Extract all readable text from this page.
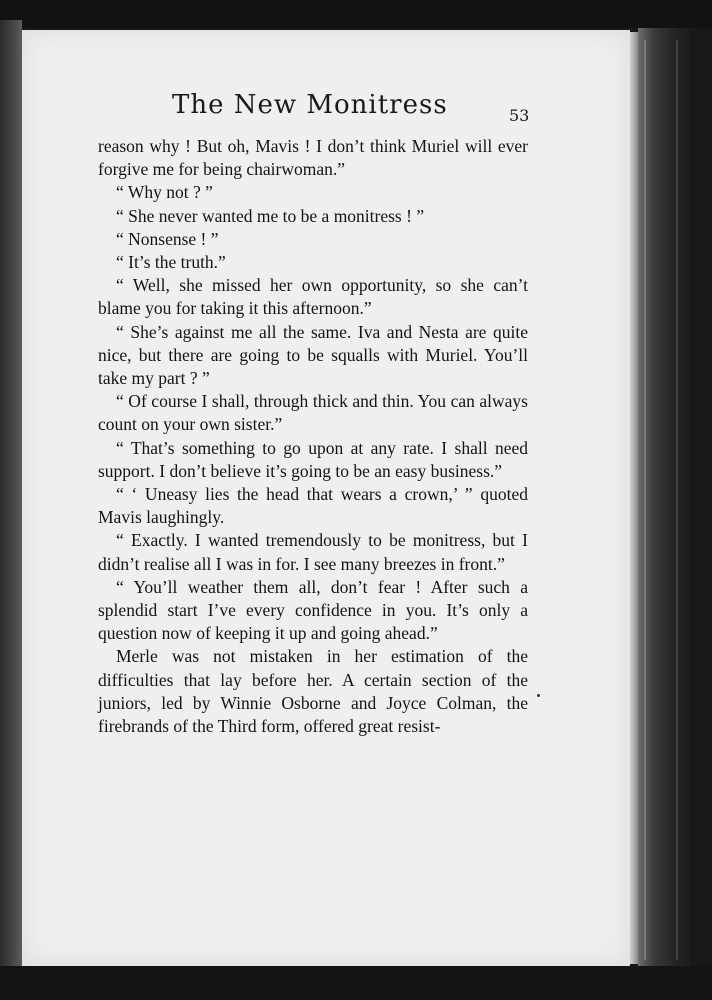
The New Monitress	53

reason why ! But oh, Mavis ! I don’t think Muriel will ever forgive me for being chairwoman.”

“ Why not ? ”

“ She never wanted me to be a monitress ! ”

“ Nonsense ! ”

“ It’s the truth.”

“ Well, she missed her own opportunity, so she can’t blame you for taking it this afternoon.”

“ She’s against me all the same. Iva and Nesta are quite nice, but there are going to be squalls with Muriel. You’ll take my part ? ”

“ Of course I shall, through thick and thin. You can always count on your own sister.”

“ That’s something to go upon at any rate. I shall need support. I don’t believe it’s going to be an easy business.”

“ ‘ Uneasy lies the head that wears a crown,’ ” quoted Mavis laughingly.

“ Exactly. I wanted tremendously to be monitress, but I didn’t realise all I was in for. I see many breezes in front.”

“ You’ll weather them all, don’t fear ! After such a splendid start I’ve every confidence in you. It’s only a question now of keeping it up and going ahead.”

Merle was not mistaken in her estimation of the difficulties that lay before her. A certain section of the juniors, led by Winnie Osborne and Joyce Colman, the firebrands of the Third form, offered great resist-
